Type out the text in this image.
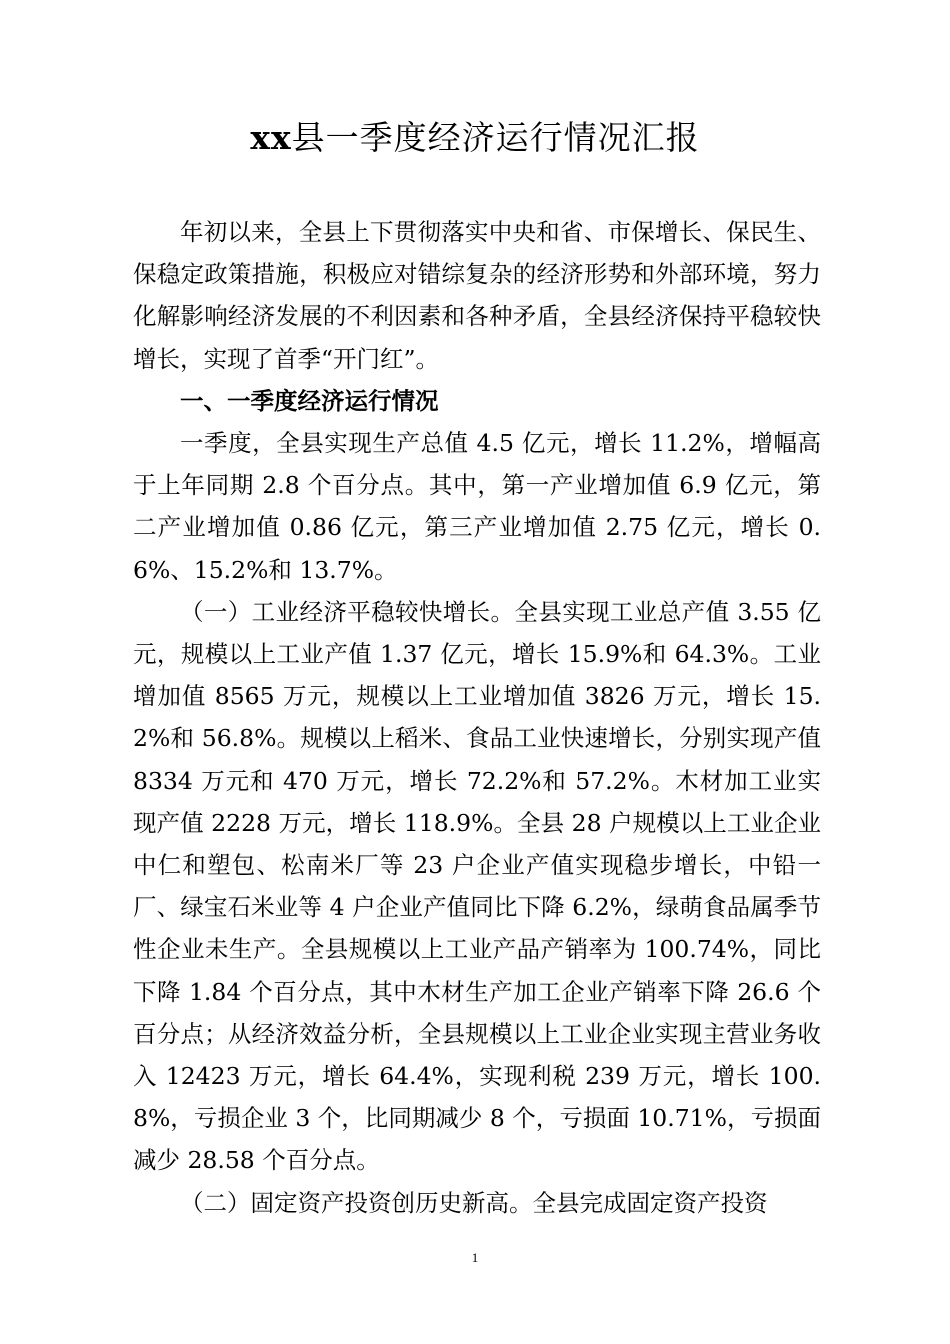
xx县一季度经济运行情况汇报

年初以来，全县上下贯彻落实中央和省、市保增长、保民生、保稳定政策措施，积极应对错综复杂的经济形势和外部环境，努力化解影响经济发展的不利因素和各种矛盾，全县经济保持平稳较快增长，实现了首季“开门红”。

一、一季度经济运行情况

一季度，全县实现生产总值 4.5 亿元，增长 11.2%，增幅高于上年同期 2.8 个百分点。其中，第一产业增加值 6.9 亿元，第二产业增加值 0.86 亿元，第三产业增加值 2.75 亿元，增长 0.6%、15.2%和 13.7%。

（一）工业经济平稳较快增长。全县实现工业总产值 3.55 亿元，规模以上工业产值 1.37 亿元，增长 15.9%和 64.3%。工业增加值 8565 万元，规模以上工业增加值 3826 万元，增长 15.2%和 56.8%。规模以上稻米、食品工业快速增长，分别实现产值 8334 万元和 470 万元，增长 72.2%和 57.2%。木材加工业实现产值 2228 万元，增长 118.9%。全县 28 户规模以上工业企业中仁和塑包、松南米厂等 23 户企业产值实现稳步增长，中铅一厂、绿宝石米业等 4 户企业产值同比下降 6.2%，绿萌食品属季节性企业未生产。全县规模以上工业产品产销率为 100.74%，同比下降 1.84 个百分点，其中木材生产加工企业产销率下降 26.6 个百分点；从经济效益分析，全县规模以上工业企业实现主营业务收入 12423 万元，增长 64.4%，实现利税 239 万元，增长 100.8%，亏损企业 3 个，比同期减少 8 个，亏损面 10.71%，亏损面减少 28.58 个百分点。

（二）固定资产投资创历史新高。全县完成固定资产投资

1
